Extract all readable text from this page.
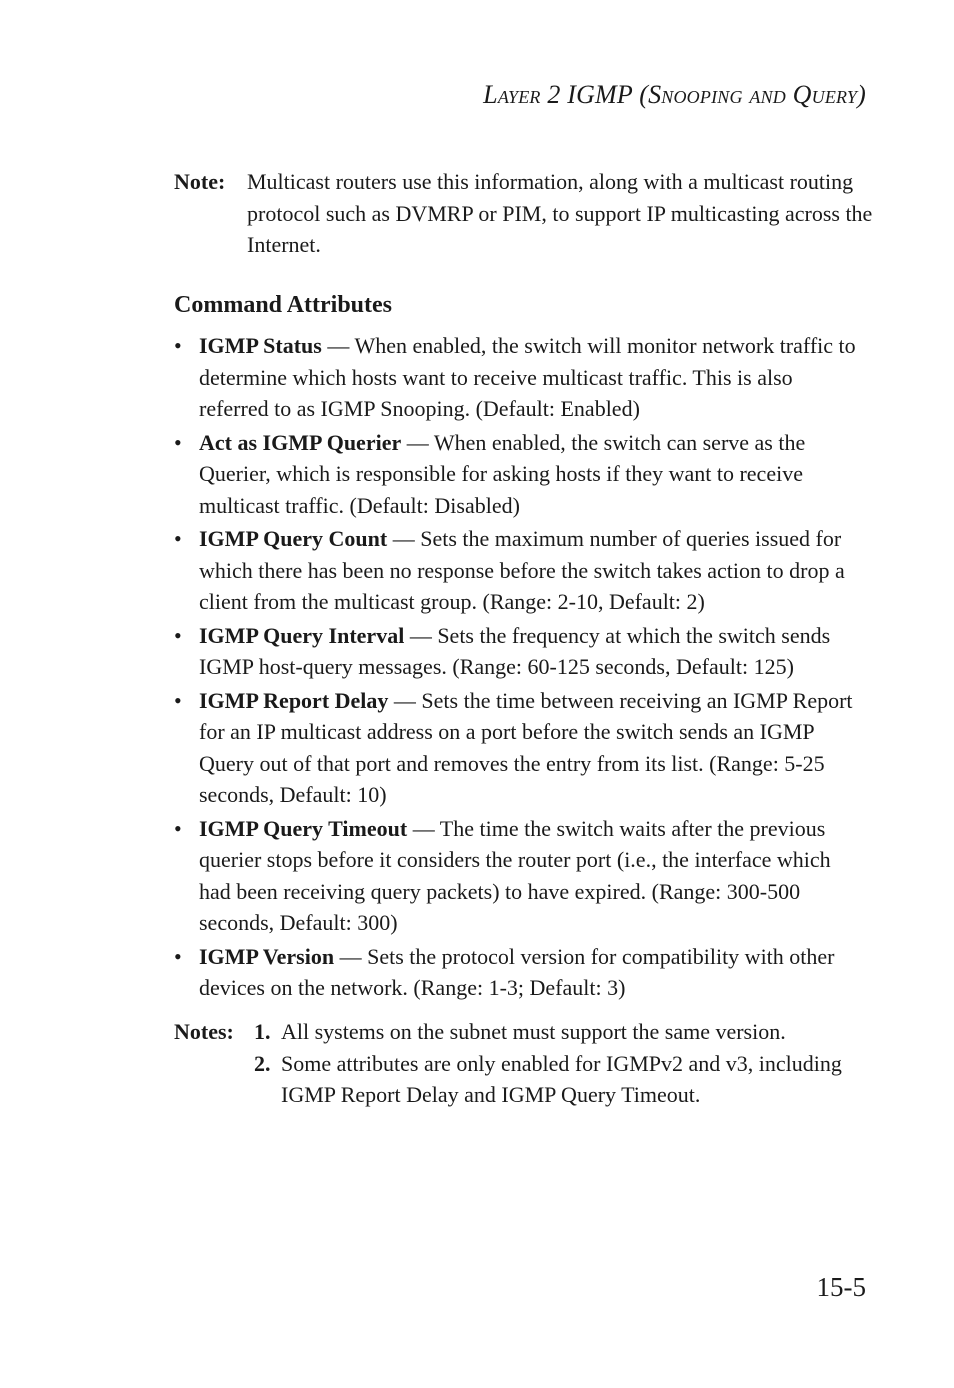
Layer 2 IGMP (Snooping and Query)
Note: Multicast routers use this information, along with a multicast routing protocol such as DVMRP or PIM, to support IP multicasting across the Internet.
Command Attributes
• IGMP Status — When enabled, the switch will monitor network traffic to determine which hosts want to receive multicast traffic. This is also referred to as IGMP Snooping. (Default: Enabled)
• Act as IGMP Querier — When enabled, the switch can serve as the Querier, which is responsible for asking hosts if they want to receive multicast traffic. (Default: Disabled)
• IGMP Query Count — Sets the maximum number of queries issued for which there has been no response before the switch takes action to drop a client from the multicast group. (Range: 2-10, Default: 2)
• IGMP Query Interval — Sets the frequency at which the switch sends IGMP host-query messages. (Range: 60-125 seconds, Default: 125)
• IGMP Report Delay — Sets the time between receiving an IGMP Report for an IP multicast address on a port before the switch sends an IGMP Query out of that port and removes the entry from its list. (Range: 5-25 seconds, Default: 10)
• IGMP Query Timeout — The time the switch waits after the previous querier stops before it considers the router port (i.e., the interface which had been receiving query packets) to have expired. (Range: 300-500 seconds, Default: 300)
• IGMP Version — Sets the protocol version for compatibility with other devices on the network. (Range: 1-3; Default: 3)
Notes: 1. All systems on the subnet must support the same version.
2. Some attributes are only enabled for IGMPv2 and v3, including IGMP Report Delay and IGMP Query Timeout.
15-5
